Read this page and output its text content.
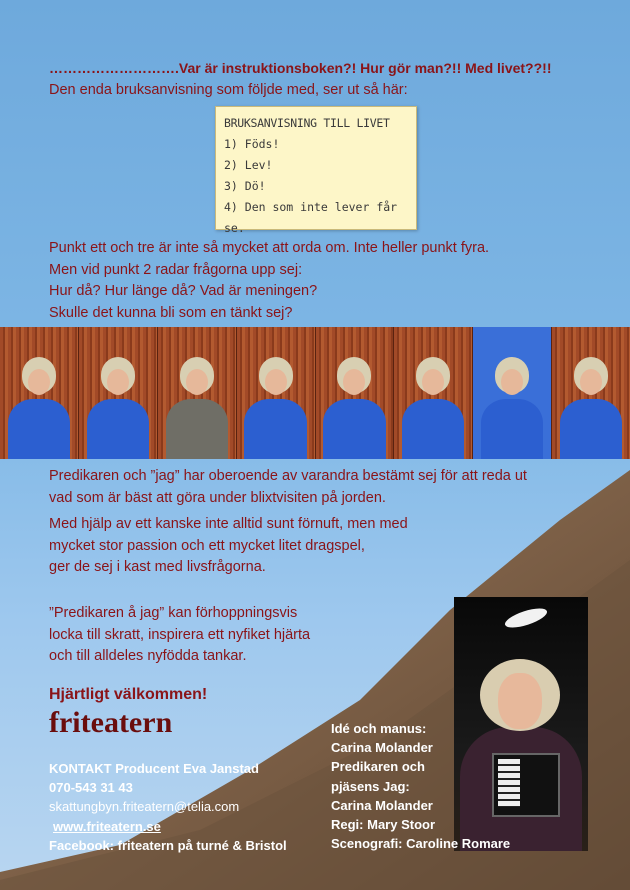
……………………….Var är instruktionsboken?! Hur gör man?!! Med livet??!!
Den enda bruksanvisning som följde med, ser ut så här:
BRUKSANVISNING TILL LIVET
1) Föds!
2) Lev!
3) Dö!
4) Den som inte lever får se.
Punkt ett och tre är inte så mycket att orda om. Inte heller punkt fyra.
Men vid punkt 2 radar frågorna upp sej:
Hur då? Hur länge då? Vad är meningen?
Skulle det kunna bli som en tänkt sej?
Predikaren och ”jag” har oberoende av varandra bestämt sej för att reda ut
vad som är bäst att göra under blixtvisiten på jorden.
Med hjälp av ett kanske inte alltid sunt förnuft, men med
mycket stor passion och ett mycket litet dragspel,
ger de sej i kast med livsfrågorna.
”Predikaren å jag” kan förhoppningsvis
locka till skratt, inspirera ett nyfiket hjärta
och till alldeles nyfödda tankar.
Hjärtligt välkommen!
friteatern
KONTAKT Producent Eva Janstad
070-543 31 43
skattungbyn.friteatern@telia.com
www.friteatern.se
Facebook: friteatern på turné & Bristol
Idé och manus:
Carina Molander
Predikaren och
pjäsens Jag:
Carina Molander
Regi: Mary Stoor
Scenografi: Caroline Romare
